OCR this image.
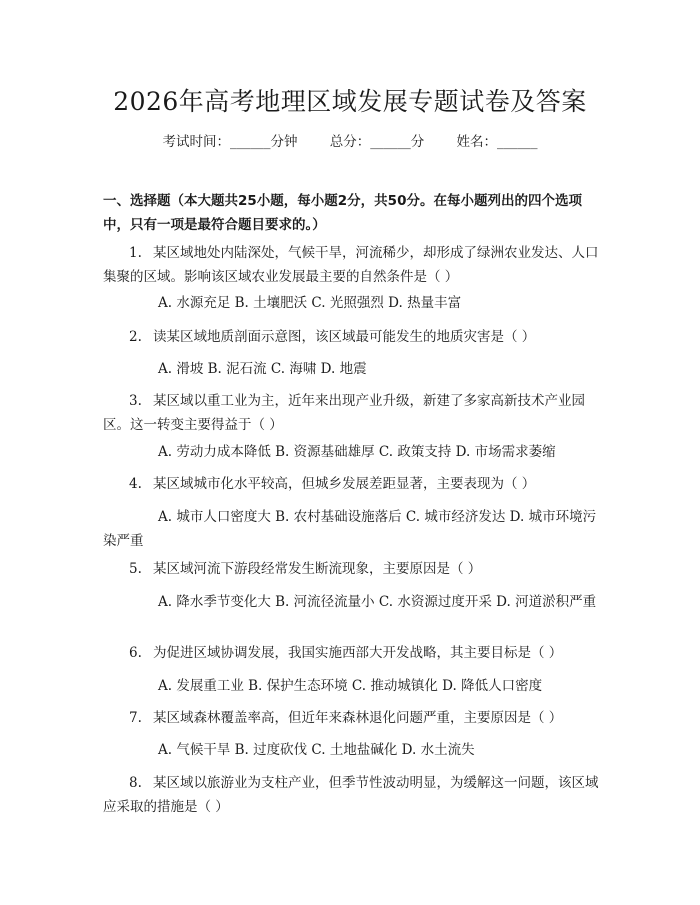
2026年高考地理区域发展专题试卷及答案
考试时间：______分钟 总分：______分 姓名：______
一、选择题（本大题共25小题，每小题2分，共50分。在每小题列出的四个选项中，只有一项是最符合题目要求的。）
1. 某区域地处内陆深处，气候干旱，河流稀少，却形成了绿洲农业发达、人口集聚的区域。影响该区域农业发展最主要的自然条件是（ ）
A. 水源充足 B. 土壤肥沃 C. 光照强烈 D. 热量丰富
2. 读某区域地质剖面示意图，该区域最可能发生的地质灾害是（ ）
A. 滑坡 B. 泥石流 C. 海啸 D. 地震
3. 某区域以重工业为主，近年来出现产业升级，新建了多家高新技术产业园区。这一转变主要得益于（ ）
A. 劳动力成本降低 B. 资源基础雄厚 C. 政策支持 D. 市场需求萎缩
4. 某区域城市化水平较高，但城乡发展差距显著，主要表现为（ ）
A. 城市人口密度大 B. 农村基础设施落后 C. 城市经济发达 D. 城市环境污染严重
5. 某区域河流下游段经常发生断流现象，主要原因是（ ）
A. 降水季节变化大 B. 河流径流量小 C. 水资源过度开采 D. 河道淤积严重
6. 为促进区域协调发展，我国实施西部大开发战略，其主要目标是（ ）
A. 发展重工业 B. 保护生态环境 C. 推动城镇化 D. 降低人口密度
7. 某区域森林覆盖率高，但近年来森林退化问题严重，主要原因是（ ）
A. 气候干旱 B. 过度砍伐 C. 土地盐碱化 D. 水土流失
8. 某区域以旅游业为支柱产业，但季节性波动明显，为缓解这一问题，该区域应采取的措施是（ ）
